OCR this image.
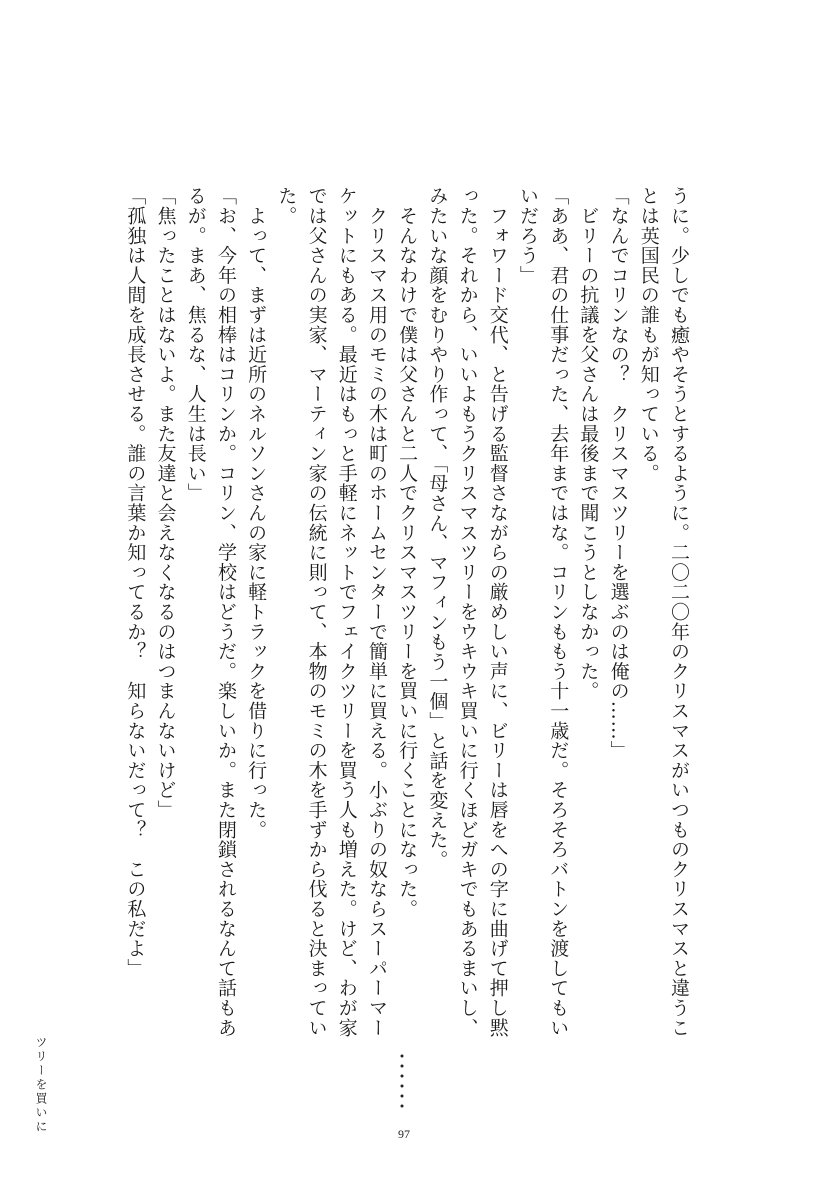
うに。少しでも癒やそうとするように。二〇二〇年のクリスマスがいつものクリスマスと違うこ
とは英国民の誰もが知っている。
「なんでコリンなの？　クリスマスツリーを選ぶのは俺の……」
　ビリーの抗議を父さんは最後まで聞こうとしなかった。
「ああ、君の仕事だった、去年まではな。コリンももう十一歳だ。そろそろバトンを渡してもい
いだろう」
　フォワード交代、と告げる監督さながらの厳めしい声に、ビリーは唇をへの字に曲げて押し黙
った。それから、いいよもうクリスマスツリーをウキウキ買いに行くほどガキでもあるまいし、
みたいな顔をむりやり作って、「母さん、マフィンもう一個」と話を変えた。
　そんなわけで僕は父さんと二人でクリスマスツリーを買いに行くことになった。
　クリスマス用のモミの木は町のホームセンターで簡単に買える。小ぶりの奴ならスーパーマー
ケットにもある。最近はもっと手軽にネットでフェイクツリーを買う人も増えた。けど、わが家
では父さんの実家、マーティン家の伝統に則って、本物のモミの木を手ずから伐ると決まってい
た。
　よって、まずは近所のネルソンさんの家に軽トラックを借りに行った。
「お、今年の相棒はコリンか。コリン、学校はどうだ。楽しいか。また閉鎖されるなんて話もあ
るが。まあ、焦るな、人生は長い」
「焦ったことはないよ。また友達と会えなくなるのはつまんないけど」
「孤独は人間を成長させる。誰の言葉か知ってるか？　知らないだって？　この私だよ」
ツリーを買いに	97
